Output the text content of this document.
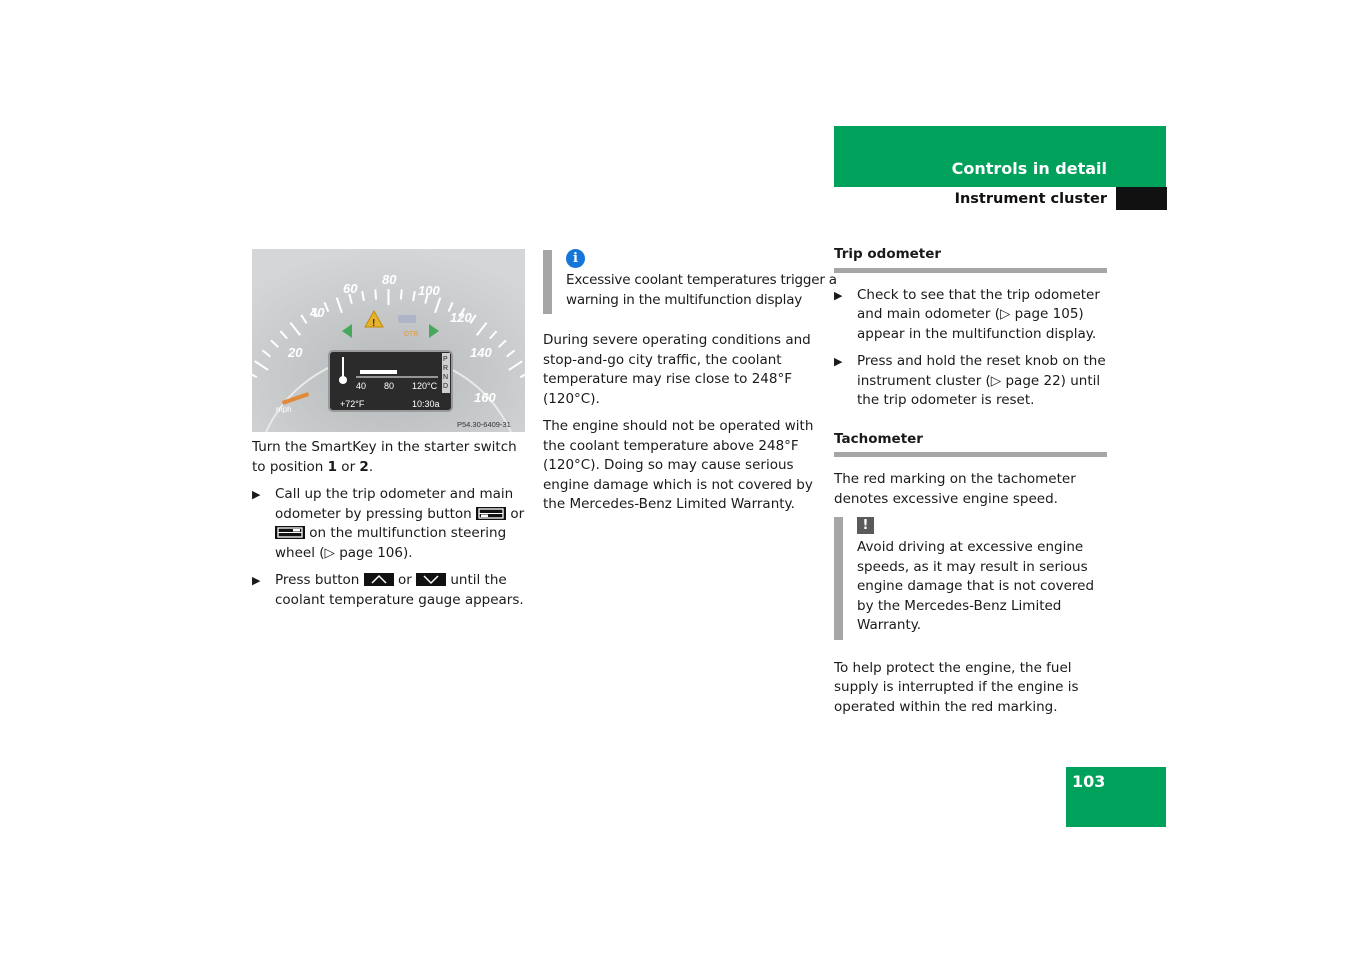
Controls in detail
Instrument cluster
20
40
60
80
100
120
140
160
mph
!
DTR
P
R
N
D
40 80 120°C
+72°F	10:30a
P54.30-6409-31

Turn the SmartKey in the starter switch to position 1 or 2.

▶ Call up the trip odometer and main odometer by pressing button	or
on the multifunction steering wheel (▷ page 106).
▶ Press button	or	until the coolant temperature gauge appears.
i
Excessive coolant temperatures trigger a warning in the multifunction display

During severe operating conditions and stop-and-go city traffic, the coolant temperature may rise close to 248°F (120°C).

The engine should not be operated with the coolant temperature above 248°F (120°C). Doing so may cause serious engine damage which is not covered by the Mercedes-Benz Limited Warranty.

Trip odometer
▶ Check to see that the trip odometer and main odometer (▷ page 105) appear in the multifunction display.
▶ Press and hold the reset knob on the instrument cluster (▷ page 22) until the trip odometer is reset.
Tachometer

The red marking on the tachometer denotes excessive engine speed.

!
Avoid driving at excessive engine speeds, as it may result in serious engine damage that is not covered by the Mercedes-Benz Limited Warranty.

To help protect the engine, the fuel supply is interrupted if the engine is operated within the red marking.

103
